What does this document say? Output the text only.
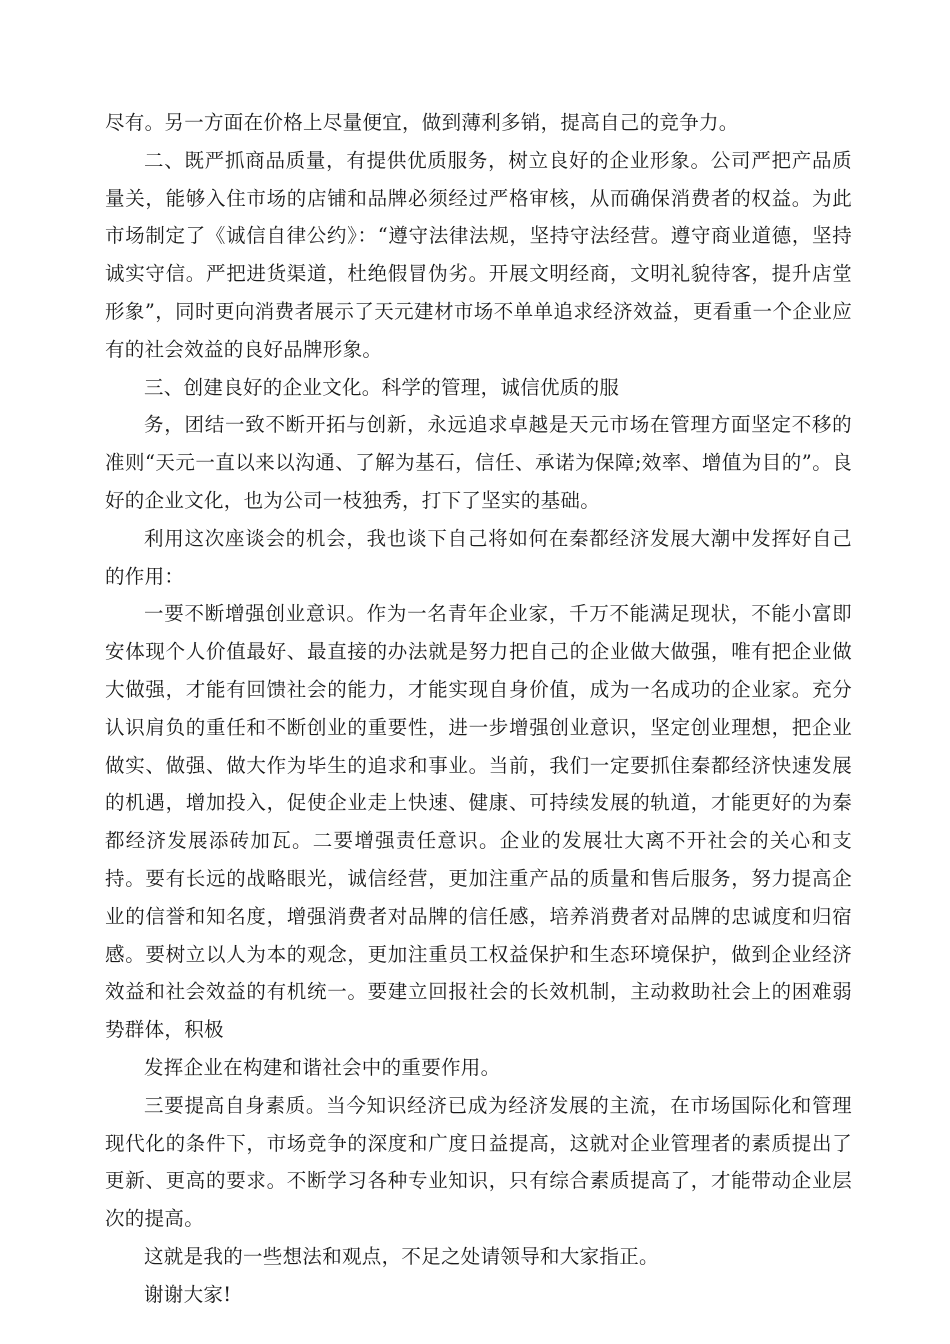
尽有。另一方面在价格上尽量便宜，做到薄利多销，提高自己的竞争力。

二、既严抓商品质量，有提供优质服务，树立良好的企业形象。公司严把产品质量关，能够入住市场的店铺和品牌必须经过严格审核，从而确保消费者的权益。为此市场制定了《诚信自律公约》：“遵守法律法规，坚持守法经营。遵守商业道德，坚持诚实守信。严把进货渠道，杜绝假冒伪劣。开展文明经商，文明礼貌待客，提升店堂形象”，同时更向消费者展示了天元建材市场不单单追求经济效益，更看重一个企业应有的社会效益的良好品牌形象。

三、创建良好的企业文化。科学的管理，诚信优质的服

务，团结一致不断开拓与创新，永远追求卓越是天元市场在管理方面坚定不移的准则“天元一直以来以沟通、了解为基石，信任、承诺为保障;效率、增值为目的”。良好的企业文化，也为公司一枝独秀，打下了坚实的基础。

利用这次座谈会的机会，我也谈下自己将如何在秦都经济发展大潮中发挥好自己的作用：

一要不断增强创业意识。作为一名青年企业家，千万不能满足现状，不能小富即安体现个人价值最好、最直接的办法就是努力把自己的企业做大做强，唯有把企业做大做强，才能有回馈社会的能力，才能实现自身价值，成为一名成功的企业家。充分认识肩负的重任和不断创业的重要性，进一步增强创业意识，坚定创业理想，把企业做实、做强、做大作为毕生的追求和事业。当前，我们一定要抓住秦都经济快速发展的机遇，增加投入，促使企业走上快速、健康、可持续发展的轨道，才能更好的为秦都经济发展添砖加瓦。二要增强责任意识。企业的发展壮大离不开社会的关心和支持。要有长远的战略眼光，诚信经营，更加注重产品的质量和售后服务，努力提高企业的信誉和知名度，增强消费者对品牌的信任感，培养消费者对品牌的忠诚度和归宿感。要树立以人为本的观念，更加注重员工权益保护和生态环境保护，做到企业经济效益和社会效益的有机统一。要建立回报社会的长效机制，主动救助社会上的困难弱势群体，积极

发挥企业在构建和谐社会中的重要作用。

三要提高自身素质。当今知识经济已成为经济发展的主流，在市场国际化和管理现代化的条件下，市场竞争的深度和广度日益提高，这就对企业管理者的素质提出了更新、更高的要求。不断学习各种专业知识，只有综合素质提高了，才能带动企业层次的提高。

这就是我的一些想法和观点，不足之处请领导和大家指正。

谢谢大家!
